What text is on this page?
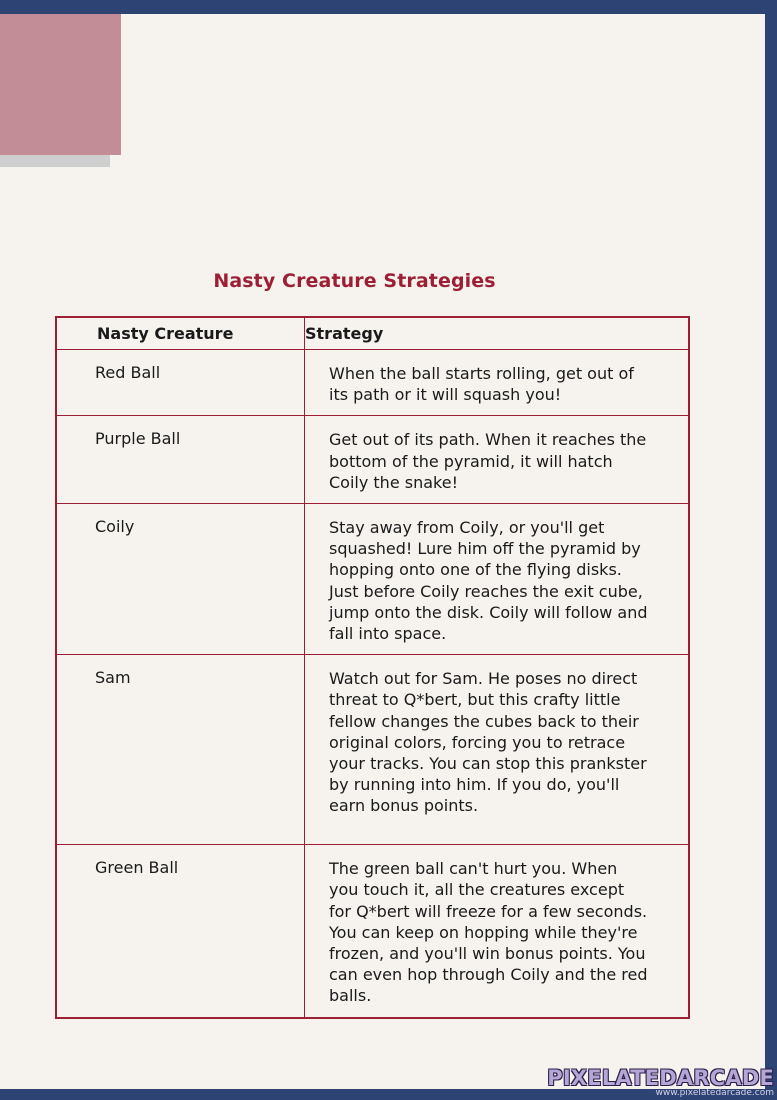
Nasty Creature Strategies
Nasty Creature	Strategy
Red Ball	When the ball starts rolling, get out of its path or it will squash you!
Purple Ball	Get out of its path. When it reaches the bottom of the pyramid, it will hatch Coily the snake!
Coily	Stay away from Coily, or you'll get squashed! Lure him off the pyramid by hopping onto one of the flying disks. Just before Coily reaches the exit cube, jump onto the disk. Coily will follow and fall into space.
Sam	Watch out for Sam. He poses no direct threat to Q*bert, but this crafty little fellow changes the cubes back to their original colors, forcing you to retrace your tracks. You can stop this prankster by running into him. If you do, you'll earn bonus points.
Green Ball	The green ball can't hurt you. When you touch it, all the creatures except for Q*bert will freeze for a few seconds. You can keep on hopping while they're frozen, and you'll win bonus points. You can even hop through Coily and the red balls.
PIXELATEDARCADE
www.pixelatedarcade.com
